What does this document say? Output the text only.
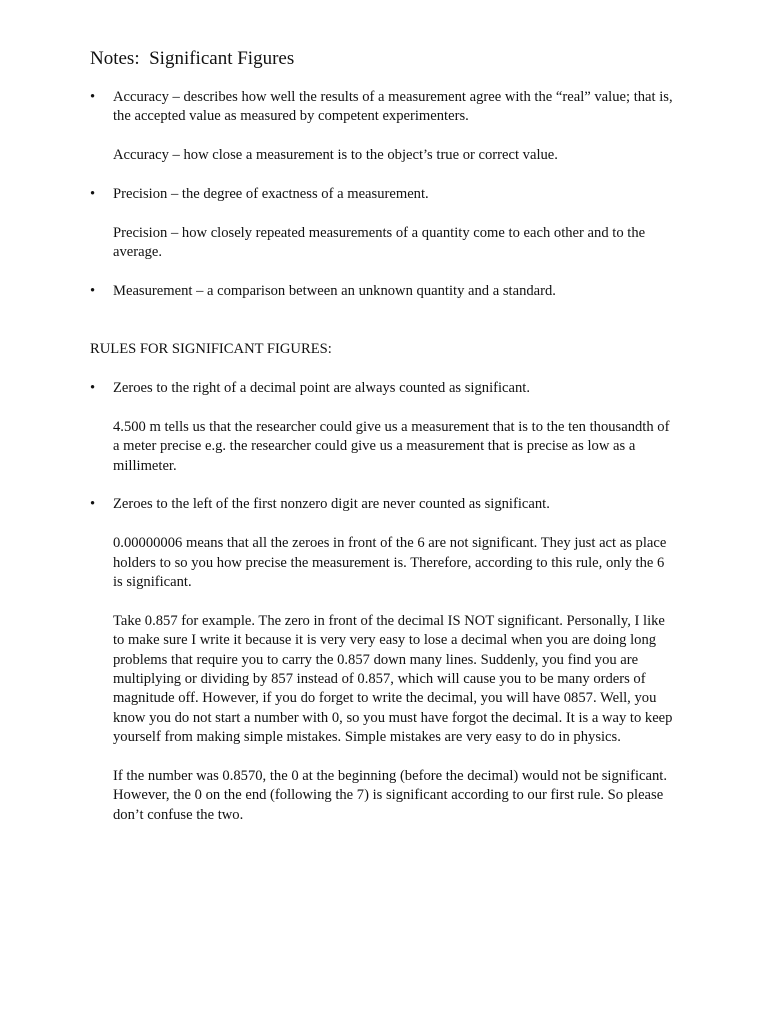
Notes:  Significant Figures
• Accuracy – describes how well the results of a measurement agree with the “real” value; that is, the accepted value as measured by competent experimenters.

Accuracy – how close a measurement is to the object’s true or correct value.

• Precision – the degree of exactness of a measurement.

Precision – how closely repeated measurements of a quantity come to each other and to the average.

• Measurement – a comparison between an unknown quantity and a standard.

RULES FOR SIGNIFICANT FIGURES:

• Zeroes to the right of a decimal point are always counted as significant.

4.500 m tells us that the researcher could give us a measurement that is to the ten thousandth of a meter precise e.g. the researcher could give us a measurement that is precise as low as a millimeter.

• Zeroes to the left of the first nonzero digit are never counted as significant.

0.00000006 means that all the zeroes in front of the 6 are not significant. They just act as place holders to so you how precise the measurement is. Therefore, according to this rule, only the 6 is significant.

Take 0.857 for example. The zero in front of the decimal IS NOT significant. Personally, I like to make sure I write it because it is very very easy to lose a decimal when you are doing long problems that require you to carry the 0.857 down many lines. Suddenly, you find you are multiplying or dividing by 857 instead of 0.857, which will cause you to be many orders of magnitude off. However, if you do forget to write the decimal, you will have 0857. Well, you know you do not start a number with 0, so you must have forgot the decimal. It is a way to keep yourself from making simple mistakes. Simple mistakes are very easy to do in physics.

If the number was 0.8570, the 0 at the beginning (before the decimal) would not be significant. However, the 0 on the end (following the 7) is significant according to our first rule. So please don’t confuse the two.
